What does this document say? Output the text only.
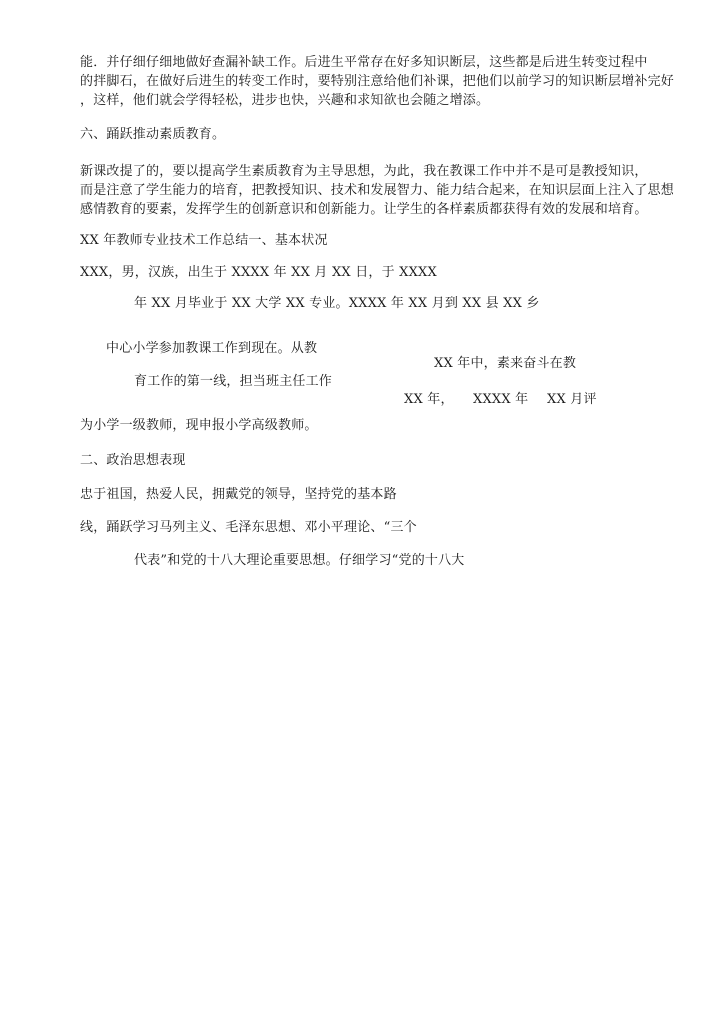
能．并仔细仔细地做好查漏补缺工作。后进生平常存在好多知识断层，这些都是后进生转变过程中
的拌脚石，在做好后进生的转变工作时，要特别注意给他们补课，把他们以前学习的知识断层增补完好
，这样，他们就会学得轻松，进步也快，兴趣和求知欲也会随之增添。
六、踊跃推动素质教育。
新课改提了的，要以提高学生素质教育为主导思想，为此，我在教课工作中并不是可是教授知识，
而是注意了学生能力的培育，把教授知识、技术和发展智力、能力结合起来，在知识层面上注入了思想
感情教育的要素，发挥学生的创新意识和创新能力。让学生的各样素质都获得有效的发展和培育。
XX 年教师专业技术工作总结一、基本状况
XXX，男，汉族，出生于 XXXX 年 XX 月 XX 日，于 XXXX
年 XX 月毕业于 XX 大学 XX 专业。XXXX 年 XX 月到 XX 县 XX 乡
中心小学参加教课工作到现在。从教
XX 年中，素来奋斗在教
育工作的第一线，担当班主任工作
XX 年， XXXX 年 XX 月评
为小学一级教师，现申报小学高级教师。
二、政治思想表现
忠于祖国，热爱人民，拥戴党的领导，坚持党的基本路
线，踊跃学习马列主义、毛泽东思想、邓小平理论、“三个
代表”和党的十八大理论重要思想。仔细学习“党的十八大
